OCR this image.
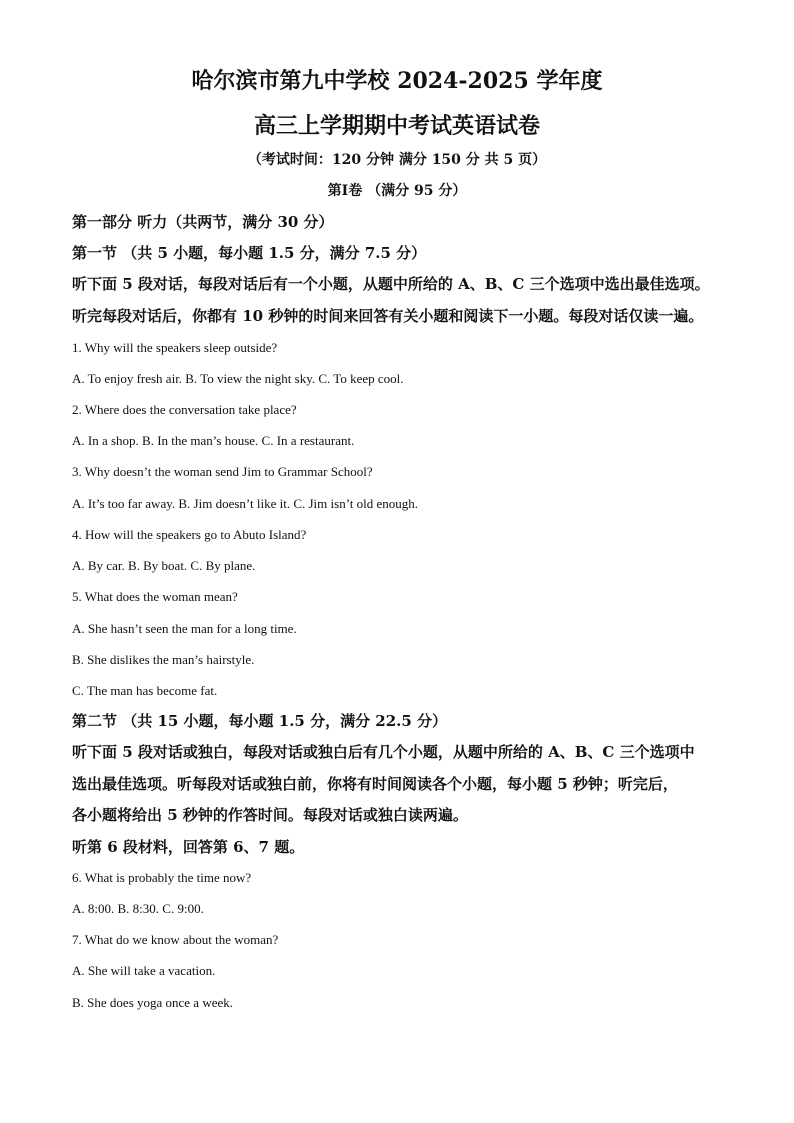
哈尔滨市第九中学校 2024-2025 学年度
高三上学期期中考试英语试卷

（考试时间：120 分钟 满分 150 分 共 5 页）

第Ⅰ卷 （满分 95 分）

第一部分 听力（共两节，满分 30 分）

第一节 （共 5 小题，每小题 1.5 分，满分 7.5 分）

听下面 5 段对话，每段对话后有一个小题，从题中所给的 A、B、C 三个选项中选出最佳选项。

听完每段对话后，你都有 10 秒钟的时间来回答有关小题和阅读下一小题。每段对话仅读一遍。

1. Why will the speakers sleep outside?

A. To enjoy fresh air. B. To view the night sky. C. To keep cool.

2. Where does the conversation take place?

A. In a shop. B. In the man’s house. C. In a restaurant.

3. Why doesn’t the woman send Jim to Grammar School?

A. It’s too far away. B. Jim doesn’t like it. C. Jim isn’t old enough.

4. How will the speakers go to Abuto Island?

A. By car. B. By boat. C. By plane.

5. What does the woman mean?

A. She hasn’t seen the man for a long time.

B. She dislikes the man’s hairstyle.

C. The man has become fat.

第二节 （共 15 小题，每小题 1.5 分，满分 22.5 分）

听下面 5 段对话或独白，每段对话或独白后有几个小题，从题中所给的 A、B、C 三个选项中

选出最佳选项。听每段对话或独白前，你将有时间阅读各个小题，每小题 5 秒钟；听完后，

各小题将给出 5 秒钟的作答时间。每段对话或独白读两遍。

听第 6 段材料，回答第 6、7 题。

6. What is probably the time now?

A. 8:00. B. 8:30. C. 9:00.

7. What do we know about the woman?

A. She will take a vacation.

B. She does yoga once a week.
